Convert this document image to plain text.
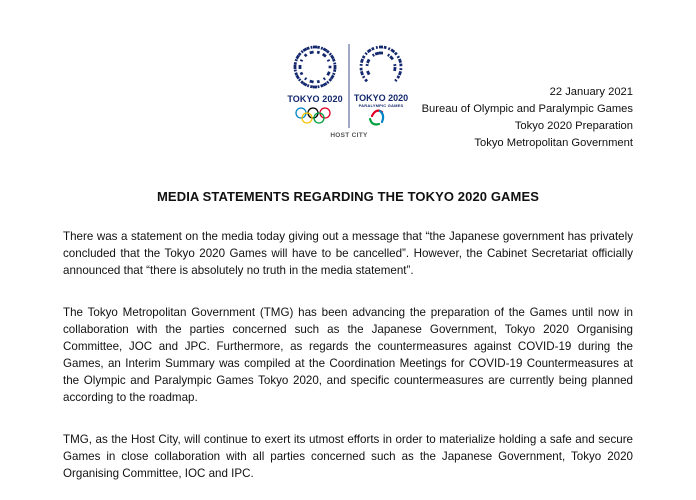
TOKYO 2020 TOKYO 2020
PARALYMPIC GAMES
HOST CITY
22 January 2021
Bureau of Olympic and Paralympic Games
Tokyo 2020 Preparation
Tokyo Metropolitan Government
MEDIA STATEMENTS REGARDING THE TOKYO 2020 GAMES
There was a statement on the media today giving out a message that “the Japanese government has privately concluded that the Tokyo 2020 Games will have to be cancelled”. However, the Cabinet Secretariat officially announced that “there is absolutely no truth in the media statement”.
The Tokyo Metropolitan Government (TMG) has been advancing the preparation of the Games until now in collaboration with the parties concerned such as the Japanese Government, Tokyo 2020 Organising Committee, JOC and JPC. Furthermore, as regards the countermeasures against COVID-19 during the Games, an Interim Summary was compiled at the Coordination Meetings for COVID-19 Countermeasures at the Olympic and Paralympic Games Tokyo 2020, and specific countermeasures are currently being planned according to the roadmap.
TMG, as the Host City, will continue to exert its utmost efforts in order to materialize holding a safe and secure Games in close collaboration with all parties concerned such as the Japanese Government, Tokyo 2020 Organising Committee, IOC and IPC.
